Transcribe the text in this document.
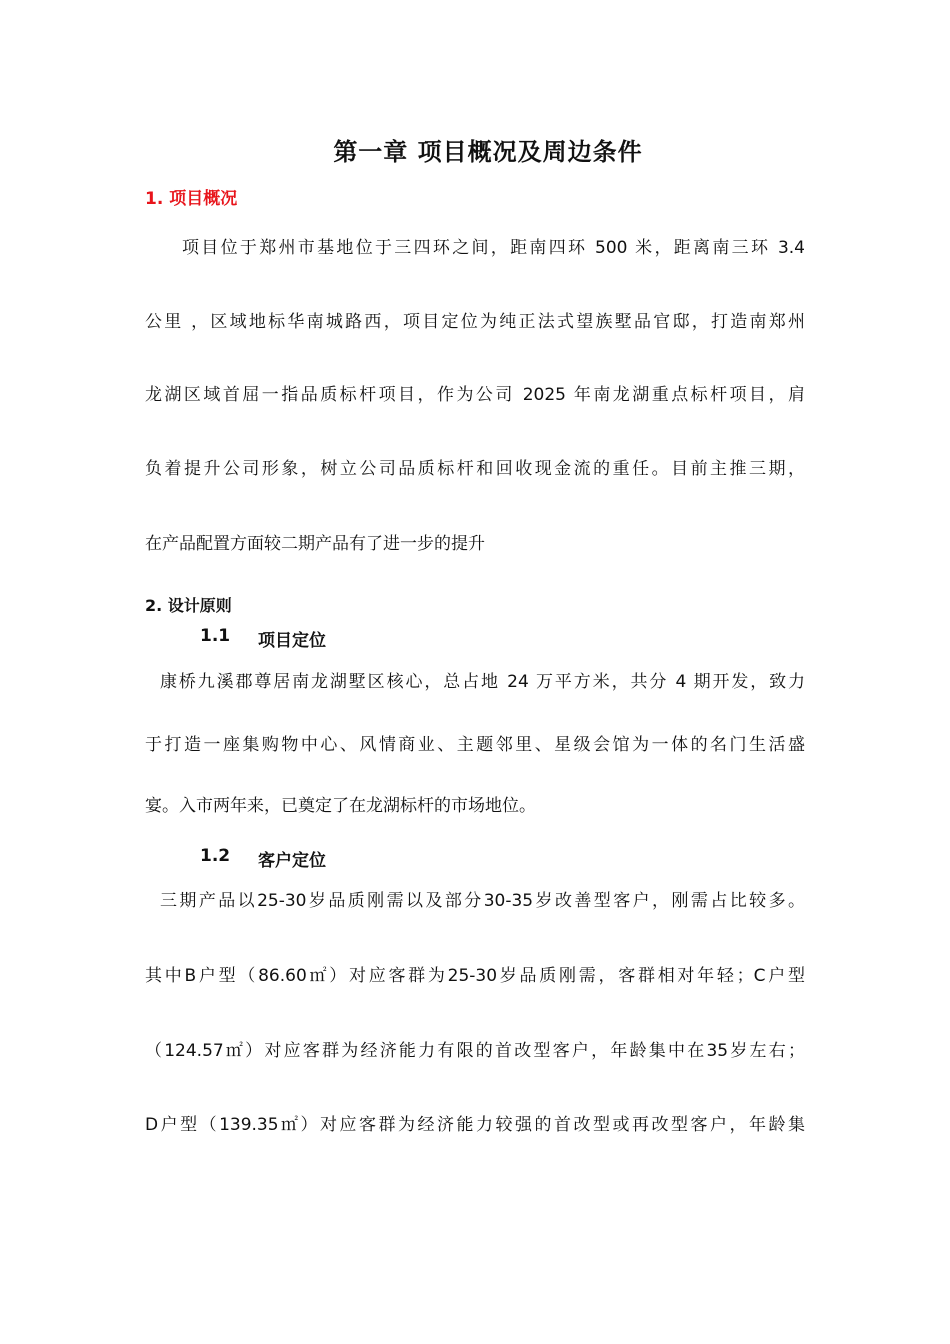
第一章 项目概况及周边条件
1. 项目概况
项目位于郑州市基地位于三四环之间，距南四环 500 米，距离南三环 3.4
公里 ，区域地标华南城路西，项目定位为纯正法式望族墅品官邸，打造南郑州
龙湖区域首屈一指品质标杆项目，作为公司 2025 年南龙湖重点标杆项目，肩
负着提升公司形象，树立公司品质标杆和回收现金流的重任。目前主推三期，
在产品配置方面较二期产品有了进一步的提升
2. 设计原则
1.1 项目定位
康桥九溪郡尊居南龙湖墅区核心，总占地 24 万平方米，共分 4 期开发，致力
于打造一座集购物中心、风情商业、主题邻里、星级会馆为一体的名门生活盛
宴。入市两年来，已奠定了在龙湖标杆的市场地位。
1.2 客户定位
三期产品以25-30岁品质刚需以及部分30-35岁改善型客户，刚需占比较多。
其中B户型（86.60㎡）对应客群为25-30岁品质刚需，客群相对年轻；C户型
（124.57㎡）对应客群为经济能力有限的首改型客户，年龄集中在35岁左右；
D户型（139.35㎡）对应客群为经济能力较强的首改型或再改型客户，年龄集
